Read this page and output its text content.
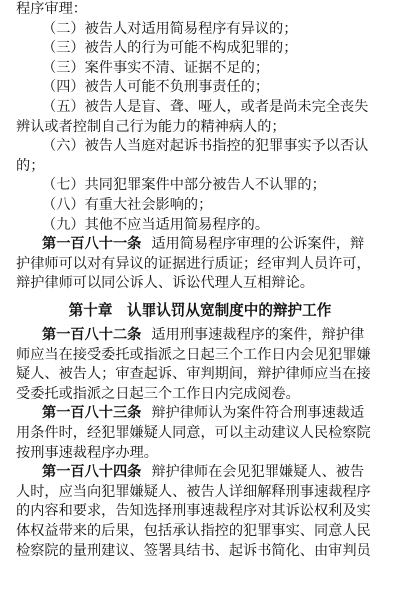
程序审理：
（二）被告人对适用简易程序有异议的；
（三）被告人的行为可能不构成犯罪的；
（三）案件事实不清、证据不足的；
（四）被告人可能不负刑事责任的；
（五）被告人是盲、聋、哑人，或者是尚未完全丧失
辨认或者控制自己行为能力的精神病人的；
（六）被告人当庭对起诉书指控的犯罪事实予以否认
的；
（七）共同犯罪案件中部分被告人不认罪的；
（八）有重大社会影响的；
（九）其他不应当适用简易程序的。
第一百八十一条 适用简易程序审理的公诉案件，辩
护律师可以对有异议的证据进行质证；经审判人员许可，
辩护律师可以同公诉人、诉讼代理人互相辩论。
第十章　认罪认罚从宽制度中的辩护工作
第一百八十二条 适用刑事速裁程序的案件，辩护律
师应当在接受委托或指派之日起三个工作日内会见犯罪嫌
疑人、被告人；审查起诉、审判期间，辩护律师应当在接
受委托或指派之日起三个工作日内完成阅卷。
第一百八十三条 辩护律师认为案件符合刑事速裁适
用条件时，经犯罪嫌疑人同意，可以主动建议人民检察院
按刑事速裁程序办理。
第一百八十四条 辩护律师在会见犯罪嫌疑人、被告
人时，应当向犯罪嫌疑人、被告人详细解释刑事速裁程序
的内容和要求，告知选择刑事速裁程序对其诉讼权利及实
体权益带来的后果，包括承认指控的犯罪事实、同意人民
检察院的量刑建议、签署具结书、起诉书简化、由审判员
